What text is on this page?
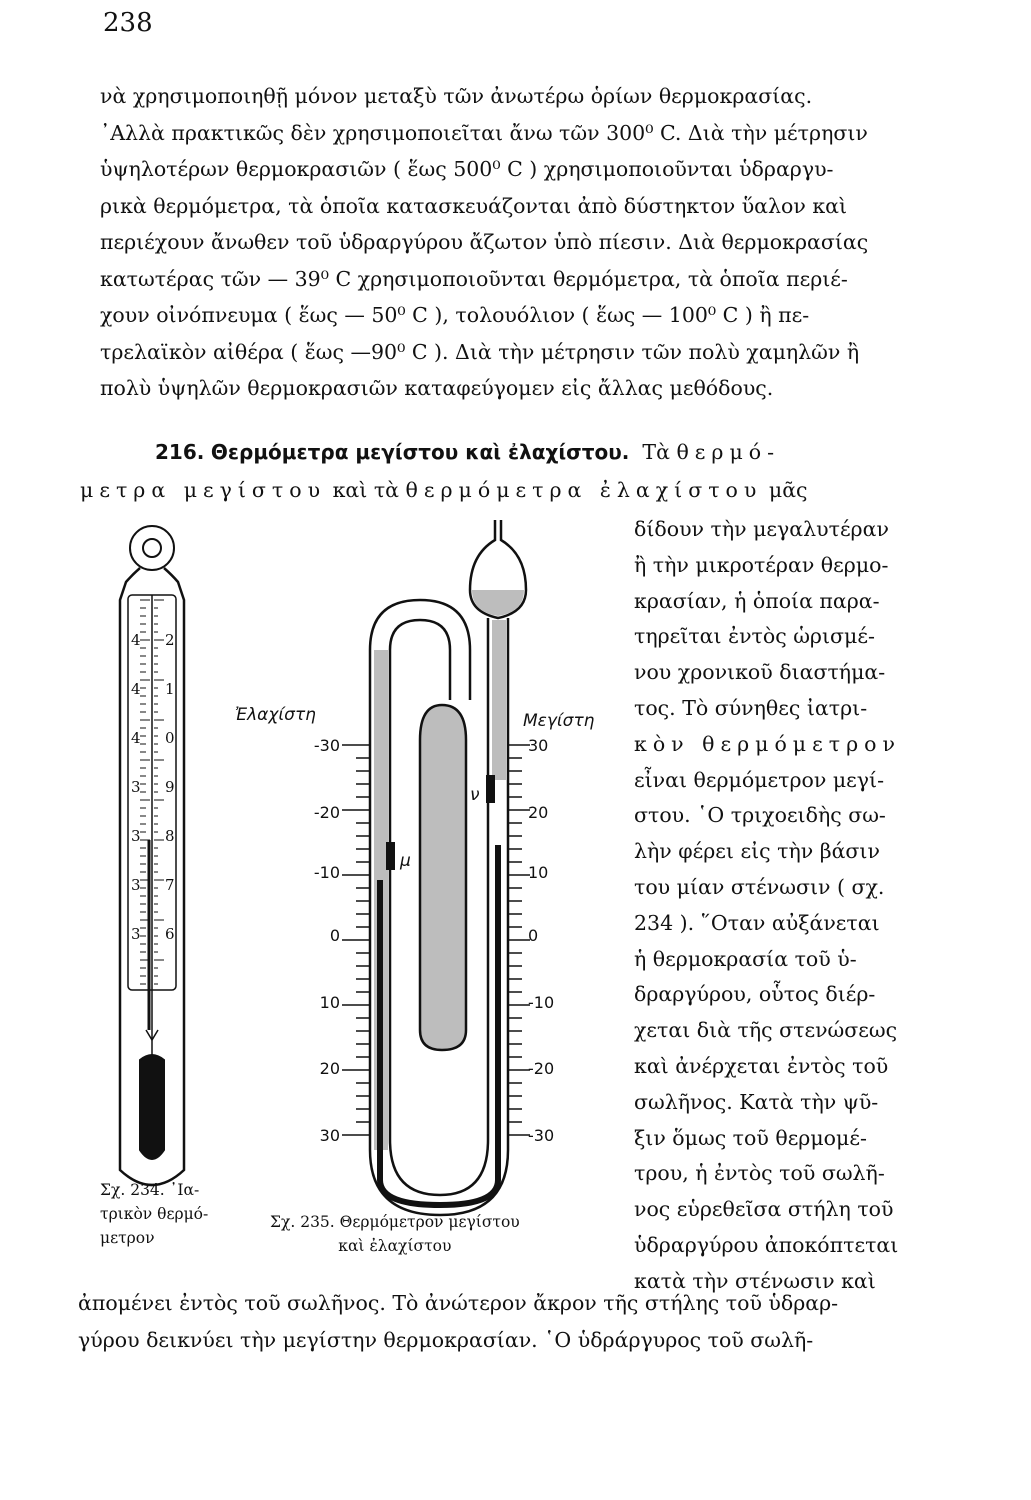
238
νὰ χρησιμοποιηθῇ μόνον μεταξὺ τῶν ἀνωτέρω ὁρίων θερμοκρασίας.
᾿Αλλὰ πρακτικῶς δὲν χρησιμοποιεῖται ἄνω τῶν 300⁰ C. Διὰ τὴν μέτρησιν
ὑψηλοτέρων θερμοκρασιῶν ( ἕως 500⁰ C ) χρησιμοποιοῦνται ὑδραργυ-
ρικὰ θερμόμετρα, τὰ ὁποῖα κατασκευάζονται ἀπὸ δύστηκτον ὕαλον καὶ
περιέχουν ἄνωθεν τοῦ ὑδραργύρου ἄζωτον ὑπὸ πίεσιν. Διὰ θερμοκρασίας
κατωτέρας τῶν — 39⁰ C χρησιμοποιοῦνται θερμόμετρα, τὰ ὁποῖα περιέ-
χουν οἰνόπνευμα ( ἕως — 50⁰ C ), τολουόλιον ( ἕως — 100⁰ C ) ἢ πε-
τρελαϊκὸν αἰθέρα ( ἕως —90⁰ C ). Διὰ τὴν μέτρησιν τῶν πολὺ χαμηλῶν ἢ
πολὺ ὑψηλῶν θερμοκρασιῶν καταφεύγομεν εἰς ἄλλας μεθόδους.
216. Θερμόμετρα μεγίστου καὶ ἐλαχίστου. Τὰ θερμό-
μετρα μεγίστου καὶ τὰ θερμόμετρα ἐλαχίστου μᾶς
δίδουν τὴν μεγαλυτέραν
ἢ τὴν μικροτέραν θερμο-
κρασίαν, ἡ ὁποία παρα-
τηρεῖται ἐντὸς ὡρισμέ-
νου χρονικοῦ διαστήμα-
τος. Τὸ σύνηθες ἰατρι-
κὸν θερμόμετρον
εἶναι θερμόμετρον μεγί-
στου. ῾Ο τριχοειδὴς σω-
λὴν φέρει εἰς τὴν βάσιν
του μίαν στένωσιν ( σχ.
234 ). ῞Οταν αὐξάνεται
ἡ θερμοκρασία τοῦ ὑ-
δραργύρου, οὗτος διέρ-
χεται διὰ τῆς στενώσεως
καὶ ἀνέρχεται ἐντὸς τοῦ
σωλῆνος. Κατὰ τὴν ψῦ-
ξιν ὅμως τοῦ θερμομέ-
τρου, ἡ ἐντὸς τοῦ σωλῆ-
νος εὑρεθεῖσα στήλη τοῦ
ὑδραργύρου ἀποκόπτεται
κατὰ τὴν στένωσιν καὶ
ἀπομένει ἐντὸς τοῦ σωλῆνος. Τὸ ἀνώτερον ἄκρον τῆς στήλης τοῦ ὑδραρ-
γύρου δεικνύει τὴν μεγίστην θερμοκρασίαν. ῾Ο ὑδράργυρος τοῦ σωλῆ-
4 2
4 1
4 0
3 9
3 8
3 7
3 6
-30
-20
-10
0
10
20
30
30
20
10
0
-10
-20
-30
Ἐλαχίστη	Μεγίστη
μ
ν
Σχ. 234. ᾿Ια-
τρικὸν θερμό-
μετρον
Σχ. 235. Θερμόμετρον μεγίστου
καὶ ἐλαχίστου
